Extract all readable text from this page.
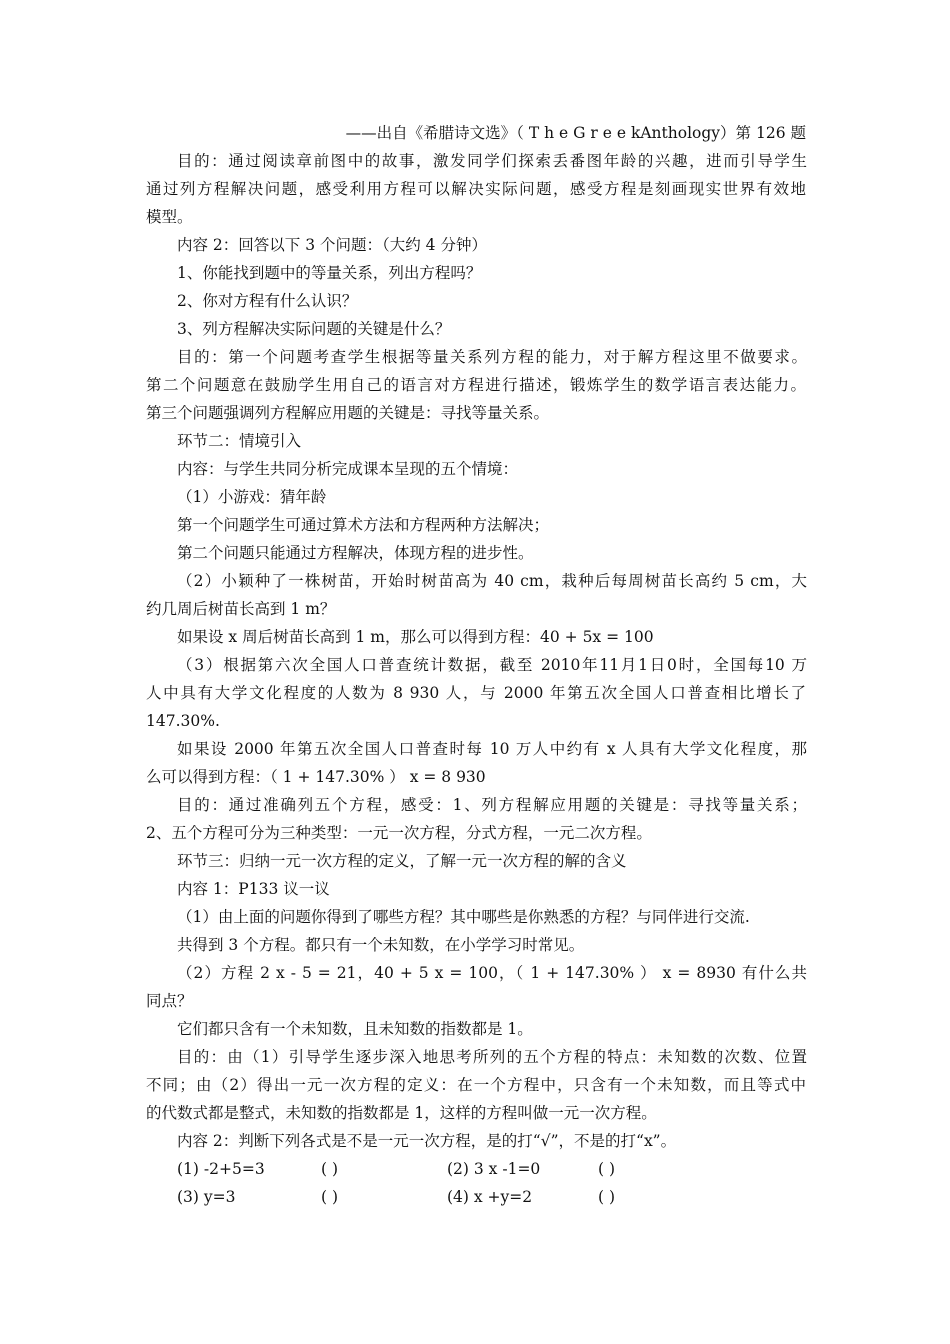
——出自《希腊诗文选》（ T h e G r e e kAnthology）第 126 题
目的：通过阅读章前图中的故事，激发同学们探索丢番图年龄的兴趣，进而引导学生
通过列方程解决问题，感受利用方程可以解决实际问题，感受方程是刻画现实世界有效地
模型。
内容 2：回答以下 3 个问题：（大约 4 分钟）
1、你能找到题中的等量关系，列出方程吗？
2、你对方程有什么认识？
3、列方程解决实际问题的关键是什么？
目的：第一个问题考查学生根据等量关系列方程的能力，对于解方程这里不做要求。
第二个问题意在鼓励学生用自己的语言对方程进行描述，锻炼学生的数学语言表达能力。
第三个问题强调列方程解应用题的关键是：寻找等量关系。
环节二：情境引入
内容：与学生共同分析完成课本呈现的五个情境：
（1）小游戏：猜年龄
第一个问题学生可通过算术方法和方程两种方法解决；
第二个问题只能通过方程解决，体现方程的进步性。
（2）小颖种了一株树苗，开始时树苗高为 40 cm，栽种后每周树苗长高约 5 cm，大
约几周后树苗长高到 1 m？
如果设 x 周后树苗长高到 1 m，那么可以得到方程：40 + 5x = 100
（3）根据第六次全国人口普查统计数据，截至 2010年11月1日0时，全国每10 万
人中具有大学文化程度的人数为 8 930 人，与 2000 年第五次全国人口普查相比增长了
147.30%.
如果设 2000 年第五次全国人口普查时每 10 万人中约有 x 人具有大学文化程度，那
么可以得到方程：（ 1 + 147.30% ） x = 8 930
目的：通过准确列五个方程，感受：1、列方程解应用题的关键是：寻找等量关系；
2、五个方程可分为三种类型：一元一次方程，分式方程，一元二次方程。
环节三：归纳一元一次方程的定义，了解一元一次方程的解的含义
内容 1：P133 议一议
（1）由上面的问题你得到了哪些方程？其中哪些是你熟悉的方程？与同伴进行交流.
共得到 3 个方程。都只有一个未知数，在小学学习时常见。
（2）方程 2 x - 5 = 21，40 + 5 x = 100，（ 1 + 147.30% ） x = 8930 有什么共
同点？
它们都只含有一个未知数，且未知数的指数都是 1。
目的：由（1）引导学生逐步深入地思考所列的五个方程的特点：未知数的次数、位置
不同；由（2）得出一元一次方程的定义：在一个方程中，只含有一个未知数，而且等式中
的代数式都是整式，未知数的指数都是 1，这样的方程叫做一元一次方程。
内容 2：判断下列各式是不是一元一次方程，是的打“√”，不是的打“x”。
(1) -2+5=3	( )	(2) 3 x -1=0	( )
(3) y=3	( )	(4) x +y=2	( )
